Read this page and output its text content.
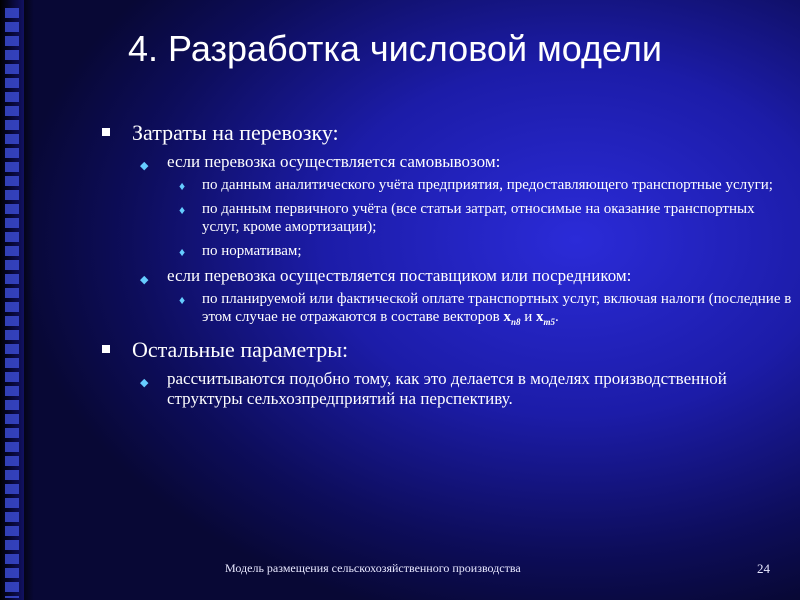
4. Разработка числовой модели
Затраты на перевозку:
◆ если перевозка осуществляется самовывозом:
♦ по данным аналитического учёта предприятия, предоставляющего транспортные услуги;
♦ по данным первичного учёта (все статьи затрат, относимые на оказание транспортных услуг, кроме амортизации);
♦ по нормативам;
◆ если перевозка осуществляется поставщиком или посредником:
♦ по планируемой или фактической оплате транспортных услуг, включая налоги (последние в этом случае не отражаются в составе векторов $x_{n8}$ и $x_{m5}$.
Остальные параметры:
◆ рассчитываются подобно тому, как это делается в моделях производственной структуры сельхозпредприятий на перспективу.
Модель размещения сельскохозяйственного производства	24
